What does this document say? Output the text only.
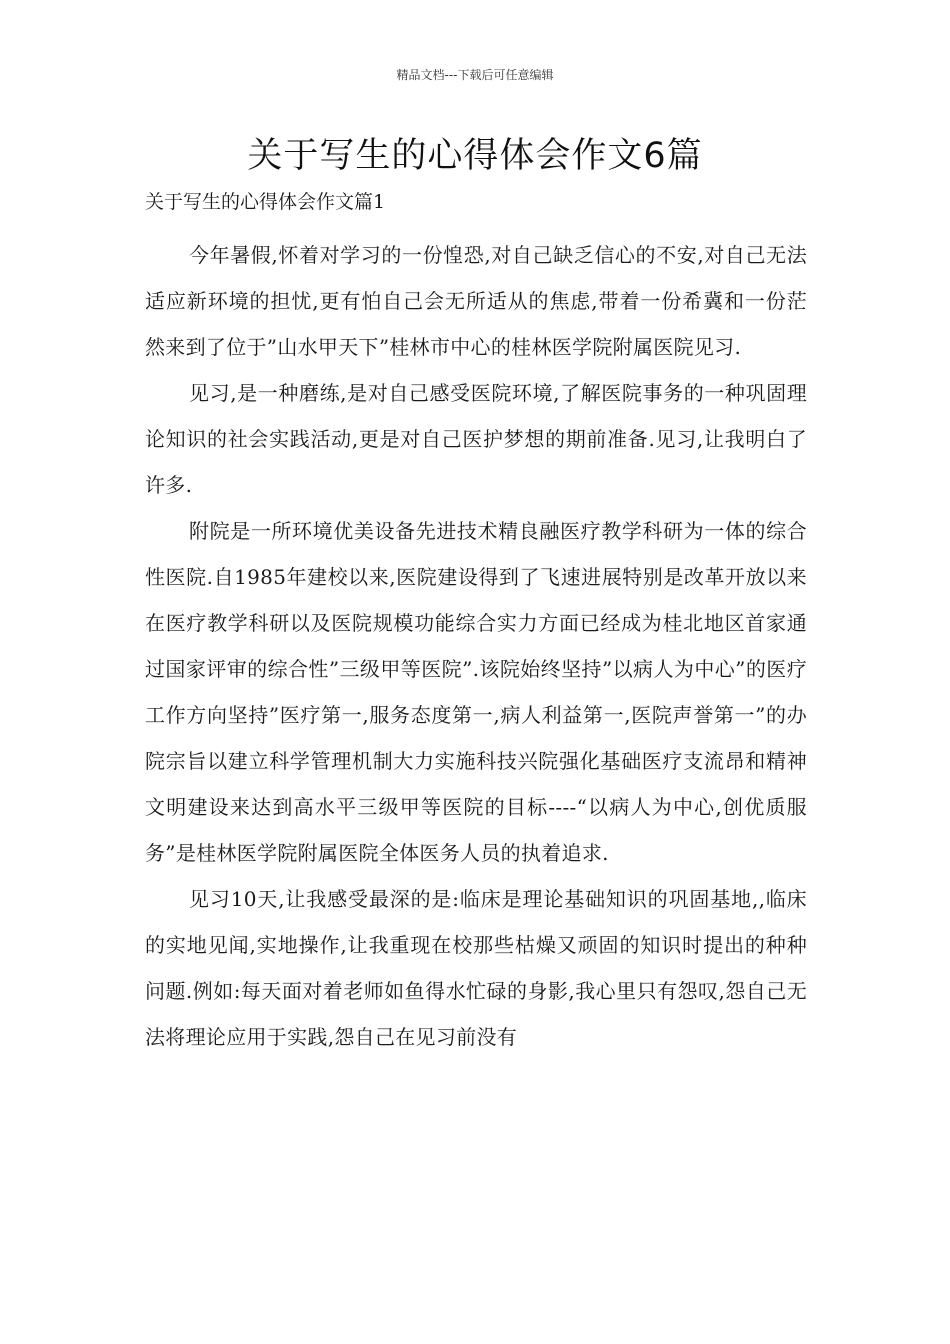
精品文档---下载后可任意编辑
关于写生的心得体会作文6篇
关于写生的心得体会作文篇1

今年暑假,怀着对学习的一份惶恐,对自己缺乏信心的不安,对自己无法适应新环境的担忧,更有怕自己会无所适从的焦虑,带着一份希冀和一份茫然来到了位于”山水甲天下”桂林市中心的桂林医学院附属医院见习.

见习,是一种磨练,是对自己感受医院环境,了解医院事务的一种巩固理论知识的社会实践活动,更是对自己医护梦想的期前准备.见习,让我明白了许多.

附院是一所环境优美设备先进技术精良融医疗教学科研为一体的综合性医院.自1985年建校以来,医院建设得到了飞速进展特别是改革开放以来在医疗教学科研以及医院规模功能综合实力方面已经成为桂北地区首家通过国家评审的综合性”三级甲等医院”.该院始终坚持”以病人为中心”的医疗工作方向坚持”医疗第一,服务态度第一,病人利益第一,医院声誉第一”的办院宗旨以建立科学管理机制大力实施科技兴院强化基础医疗支流昂和精神文明建设来达到高水平三级甲等医院的目标----“以病人为中心,创优质服务”是桂林医学院附属医院全体医务人员的执着追求.

见习10天,让我感受最深的是:临床是理论基础知识的巩固基地,,临床的实地见闻,实地操作,让我重现在校那些枯燥又顽固的知识时提出的种种问题.例如:每天面对着老师如鱼得水忙碌的身影,我心里只有怨叹,怨自己无法将理论应用于实践,怨自己在见习前没有
